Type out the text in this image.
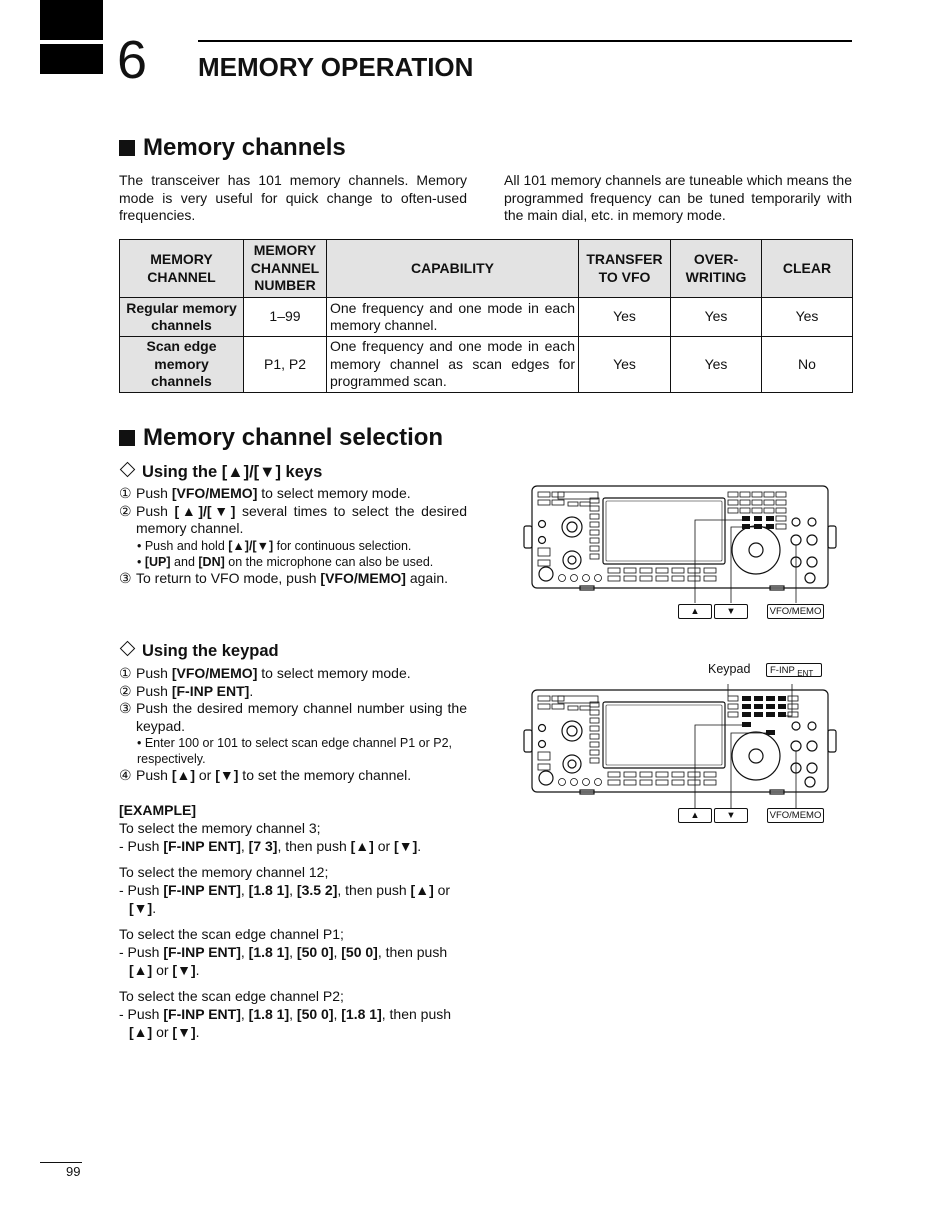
6 MEMORY OPERATION
Memory channels
The transceiver has 101 memory channels. Memory mode is very useful for quick change to often-used frequencies.
All 101 memory channels are tuneable which means the programmed frequency can be tuned temporarily with the main dial, etc. in memory mode.
MEMORY CHANNEL	MEMORY CHANNEL NUMBER	CAPABILITY	TRANSFER TO VFO	OVER-WRITING	CLEAR
Regular memory channels	1–99	One frequency and one mode in each memory channel.	Yes	Yes	Yes
Scan edge memory channels	P1, P2	One frequency and one mode in each memory channel as scan edges for programmed scan.	Yes	Yes	No
Memory channel selection
Using the [▲]/[▼] keys
① Push [VFO/MEMO] to select memory mode.
② Push [▲]/[▼] several times to select the desired memory channel.
• Push and hold [▲]/[▼] for continuous selection.
• [UP] and [DN] on the microphone can also be used.
③ To return to VFO mode, push [VFO/MEMO] again.
Using the keypad
① Push [VFO/MEMO] to select memory mode.
② Push [F-INP ENT].
③ Push the desired memory channel number using the keypad.
• Enter 100 or 101 to select scan edge channel P1 or P2, respectively.
④ Push [▲] or [▼] to set the memory channel.
[EXAMPLE]
To select the memory channel 3;
- Push [F-INP ENT], [7 3], then push [▲] or [▼].
To select the memory channel 12;
- Push [F-INP ENT], [1.8 1], [3.5 2], then push [▲] or [▼].
To select the scan edge channel P1;
- Push [F-INP ENT], [1.8 1], [50 0], [50 0], then push [▲] or [▼].
To select the scan edge channel P2;
- Push [F-INP ENT], [1.8 1], [50 0], [1.8 1], then push [▲] or [▼].
▲	▼	VFO/MEMO
Keypad	F-INP $_{ENT}$
▲	▼	VFO/MEMO
99
